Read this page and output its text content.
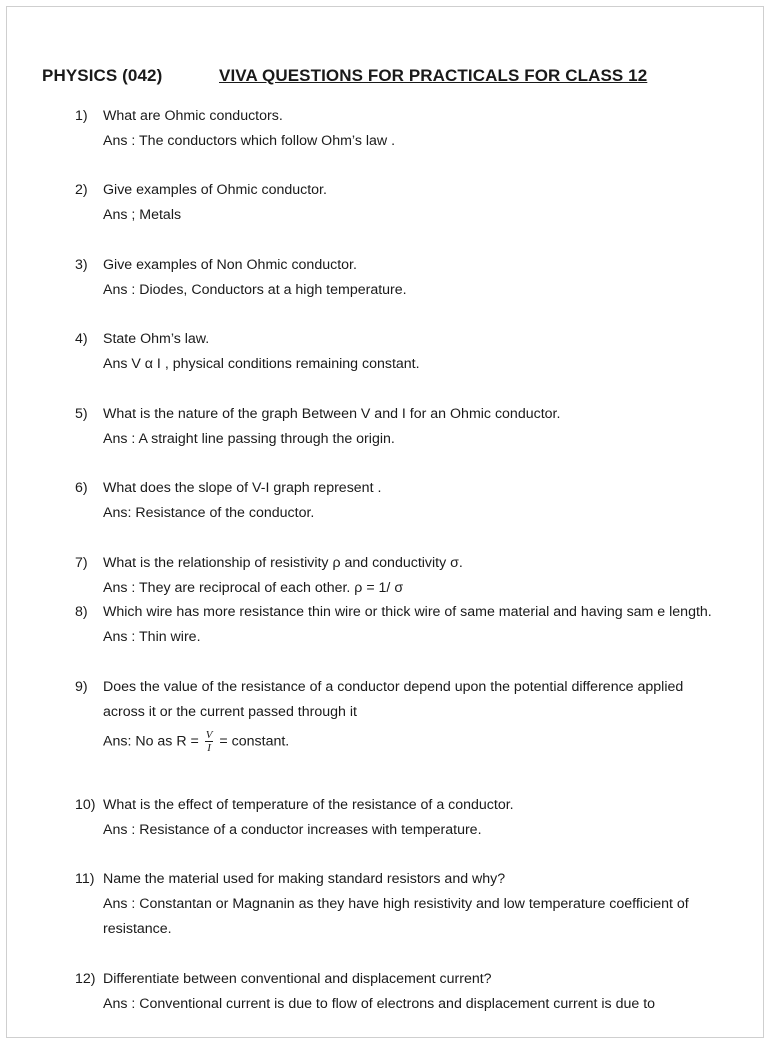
PHYSICS (042)	VIVA QUESTIONS FOR PRACTICALS FOR CLASS 12
1)	What are Ohmic conductors.
Ans : The conductors which follow Ohm’s law .
2)	Give examples of Ohmic conductor.
Ans ; Metals
3)	Give examples of Non Ohmic conductor.
Ans : Diodes, Conductors at a high temperature.
4)	State Ohm’s law.
Ans V α I , physical conditions remaining constant.
5)	What is the nature of the graph Between V and I for an Ohmic conductor.
Ans : A straight line passing through the origin.
6)	What does the slope of V-I graph represent .
Ans: Resistance of the conductor.
7)	What is the relationship of resistivity ρ and conductivity σ.
Ans : They are reciprocal of each other. ρ = 1/ σ
8)	Which wire has more resistance thin wire or thick wire of same material and having sam e length.
Ans : Thin wire.
9)	Does the value of the resistance of a conductor depend upon the potential difference applied across it or the current passed through it
Ans: No as $R = \frac{V}{I}$ = constant.
10) What is the effect of temperature of the resistance of a conductor.
Ans : Resistance of a conductor increases with temperature.
11) Name the material used for making standard resistors and why?
Ans : Constantan or Magnanin as they have high resistivity and low temperature coefficient of resistance.
12) Differentiate between conventional and displacement current?
Ans : Conventional current is due to flow of electrons and displacement current is due to
